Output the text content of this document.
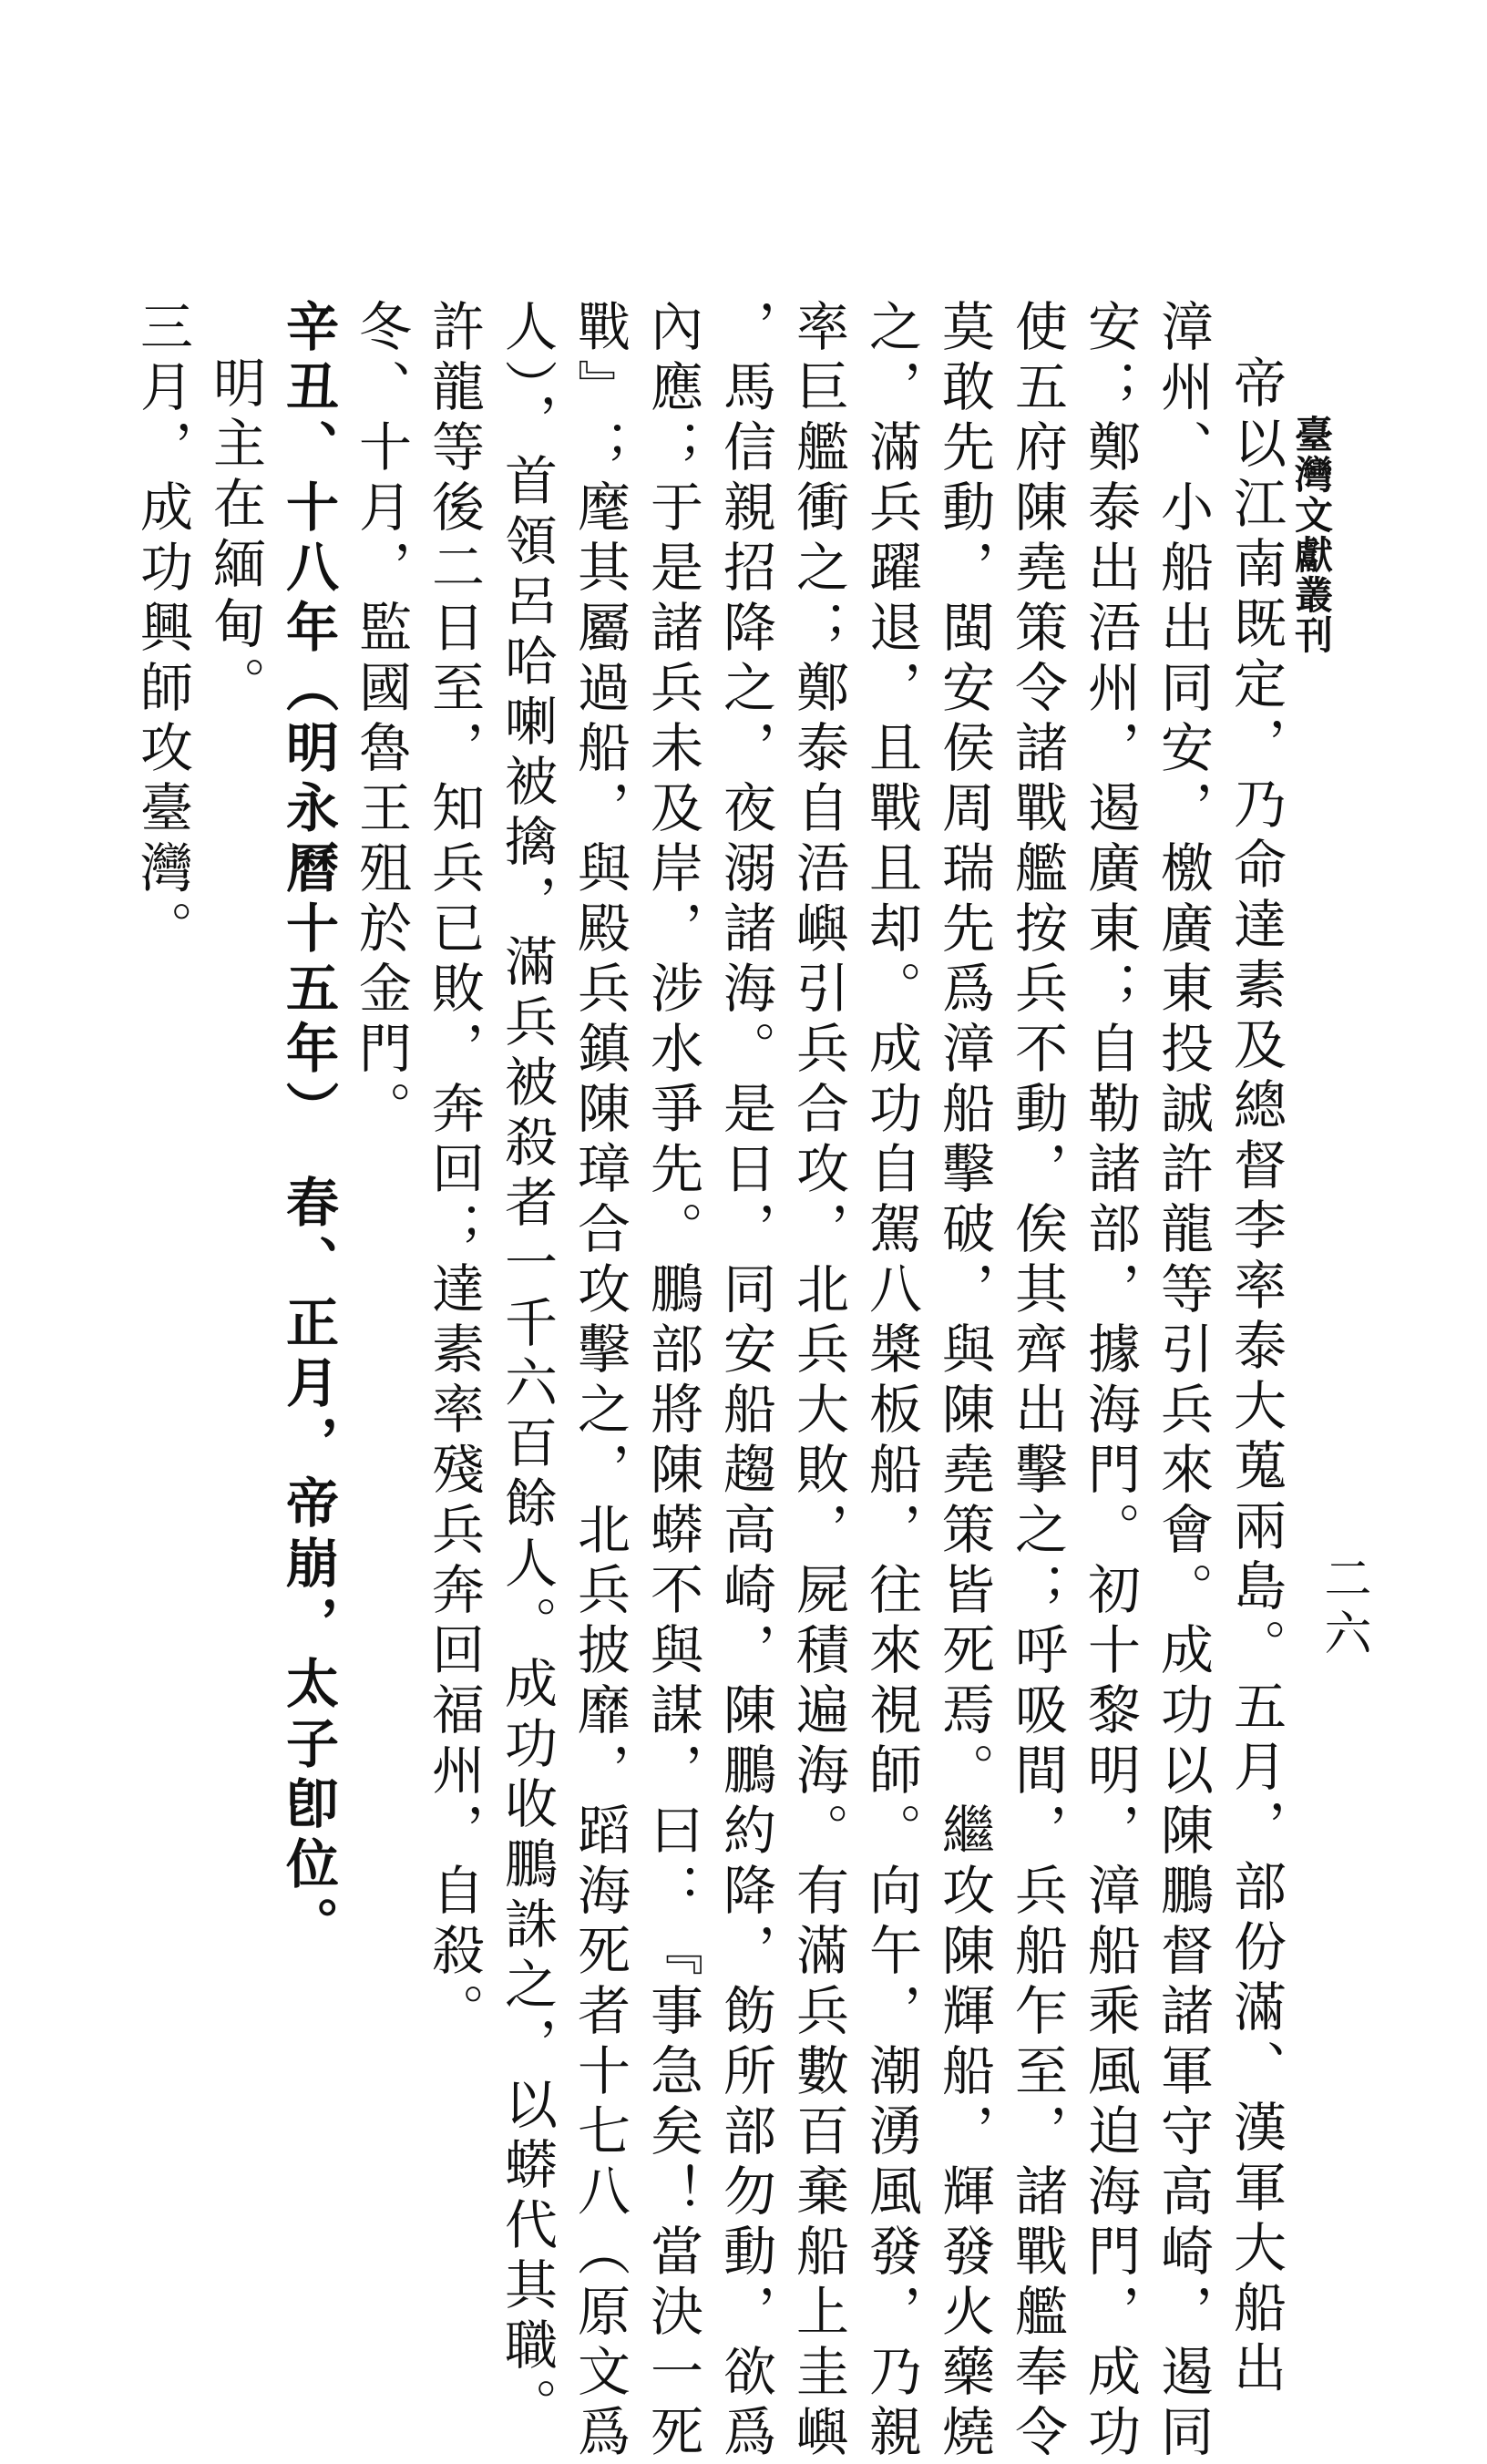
臺灣文獻叢刊
二六
帝以江南既定，乃命達素及總督李率泰大蒐兩島。五月，部份滿、漢軍大船出
漳州、小船出同安，檄廣東投誠許龍等引兵來會。成功以陳鵬督諸軍守高崎，遏同
安；鄭泰出浯州，遏廣東；自勒諸部，據海門。初十黎明，漳船乘風迫海門，成功
使五府陳堯策令諸戰艦按兵不動，俟其齊出擊之；呼吸間，兵船乍至，諸戰艦奉令
莫敢先動，閩安侯周瑞先爲漳船擊破，與陳堯策皆死焉。繼攻陳輝船，輝發火藥燒
之，滿兵躍退，且戰且却。成功自駕八槳板船，往來視師。向午，潮湧風發，乃親
率巨艦衝之；鄭泰自浯嶼引兵合攻，北兵大敗，屍積遍海。有滿兵數百棄船上圭嶼
，馬信親招降之，夜溺諸海。是日，同安船趨高崎，陳鵬約降，飭所部勿動，欲爲
內應；于是諸兵未及岸，涉水爭先。鵬部將陳蟒不與謀，曰：『事急矣！當決一死
戰』；麾其屬過船，與殿兵鎮陳璋合攻擊之，北兵披靡，蹈海死者十七八（原文爲
人），首領呂哈喇被擒，滿兵被殺者一千六百餘人。成功收鵬誅之，以蟒代其職。
許龍等後二日至，知兵已敗，奔回；達素率殘兵奔回福州，自殺。
冬、十月，監國魯王殂於金門。
辛丑、十八年（明永曆十五年）　春、正月，帝崩，太子卽位。
明主在緬甸。
三月，成功興師攻臺灣。
